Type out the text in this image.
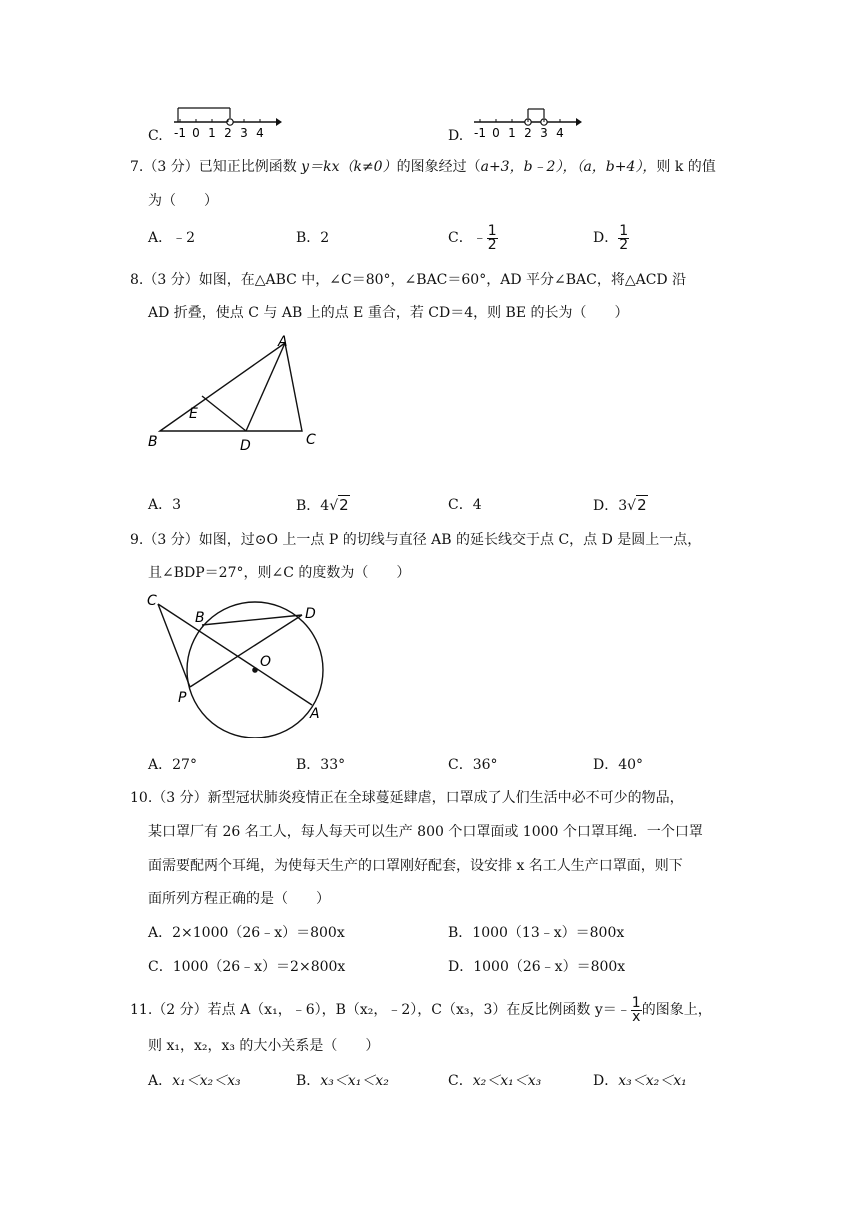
C. -1 0 1 2 3 4	D. -1 0 1 2 3 4
7.（3 分）已知正比例函数 y＝kx（k≠0）的图象经过（a+3，b﹣2），（a，b+4），则 k 的值
为（　　）
A．﹣2	B．2	C．﹣ $\frac{1}{2}$	D． $\frac{1}{2}$
8.（3 分）如图，在△ABC 中，∠C＝80°，∠BAC＝60°，AD 平分∠BAC，将△ACD 沿
AD 折叠，使点 C 与 AB 上的点 E 重合，若 CD＝4，则 BE 的长为（　　）
A
B	C
D
E
A．3	B．4√2	C．4	D．3√2
9.（3 分）如图，过⊙O 上一点 P 的切线与直径 AB 的延长线交于点 C，点 D 是圆上一点，
且∠BDP＝27°，则∠C 的度数为（　　）
C
B	D
O
P
A
A．27°	B．33°	C．36°	D．40°
10.（3 分）新型冠状肺炎疫情正在全球蔓延肆虐，口罩成了人们生活中必不可少的物品，
某口罩厂有 26 名工人，每人每天可以生产 800 个口罩面或 1000 个口罩耳绳．一个口罩
面需要配两个耳绳，为使每天生产的口罩刚好配套，设安排 x 名工人生产口罩面，则下
面所列方程正确的是（　　）
A．2×1000（26﹣x）＝800x	B．1000（13﹣x）＝800x
C．1000（26﹣x）＝2×800x	D．1000（26﹣x）＝800x
11.（2 分）若点 A（x₁，﹣6），B（x₂，﹣2），C（x₃，3）在反比例函数 y＝﹣ $\frac{1}{x}$ 的图象上，
则 x₁，x₂，x₃ 的大小关系是（　　）
A．x₁＜x₂＜x₃	B．x₃＜x₁＜x₂	C．x₂＜x₁＜x₃	D．x₃＜x₂＜x₁
